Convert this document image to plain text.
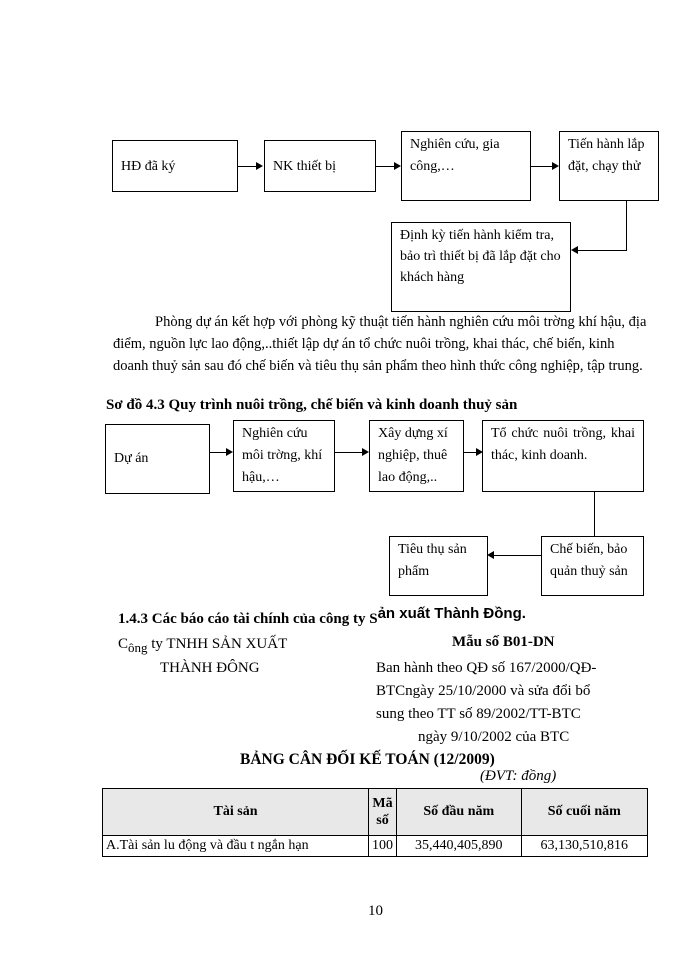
HĐ đã ký	NK thiết bị
Nghiên cứu, gia công,…
Tiến hành lắp đặt, chạy thử
Định kỳ tiến hành kiểm tra, bảo trì thiết bị đã lắp đặt cho khách hàng

Phòng dự án kết hợp với phòng kỹ thuật tiến hành nghiên cứu môi trờng khí hậu, địa điểm, nguồn lực lao động,..thiết lập dự án tổ chức nuôi trồng, khai thác, chế biến, kinh doanh thuỷ sản sau đó chế biến và tiêu thụ sản phẩm theo hình thức công nghiệp, tập trung.

Sơ đồ 4.3 Quy trình nuôi trồng, chế biến và kinh doanh thuỷ sản
Dự án
Nghiên cứu môi trờng, khí hậu,…
Xây dựng xí nghiệp, thuê lao động,..
Tổ chức nuôi trồng, khai thác, kinh doanh.
Chế biến, bảo quản thuỷ sản
Tiêu thụ sản phẩm
1.4.3 Các báo cáo tài chính của công ty Sản xuất Thành Đồng.
Công ty TNHH SẢN XUẤT	Mẫu số B01-DN
THÀNH ĐÔNG	Ban hành theo QĐ số 167/2000/QĐ-
BTCngày 25/10/2000 và sửa đổi bổ
sung theo TT số 89/2002/TT-BTC
ngày 9/10/2002 của BTC
BẢNG CÂN ĐỐI KẾ TOÁN (12/2009)
(ĐVT: đồng)
Tài sản	Mã số	Số đầu năm	Số cuối năm
A.Tài sản lu động và đầu t ngắn hạn	100	35,440,405,890	63,130,510,816
10
